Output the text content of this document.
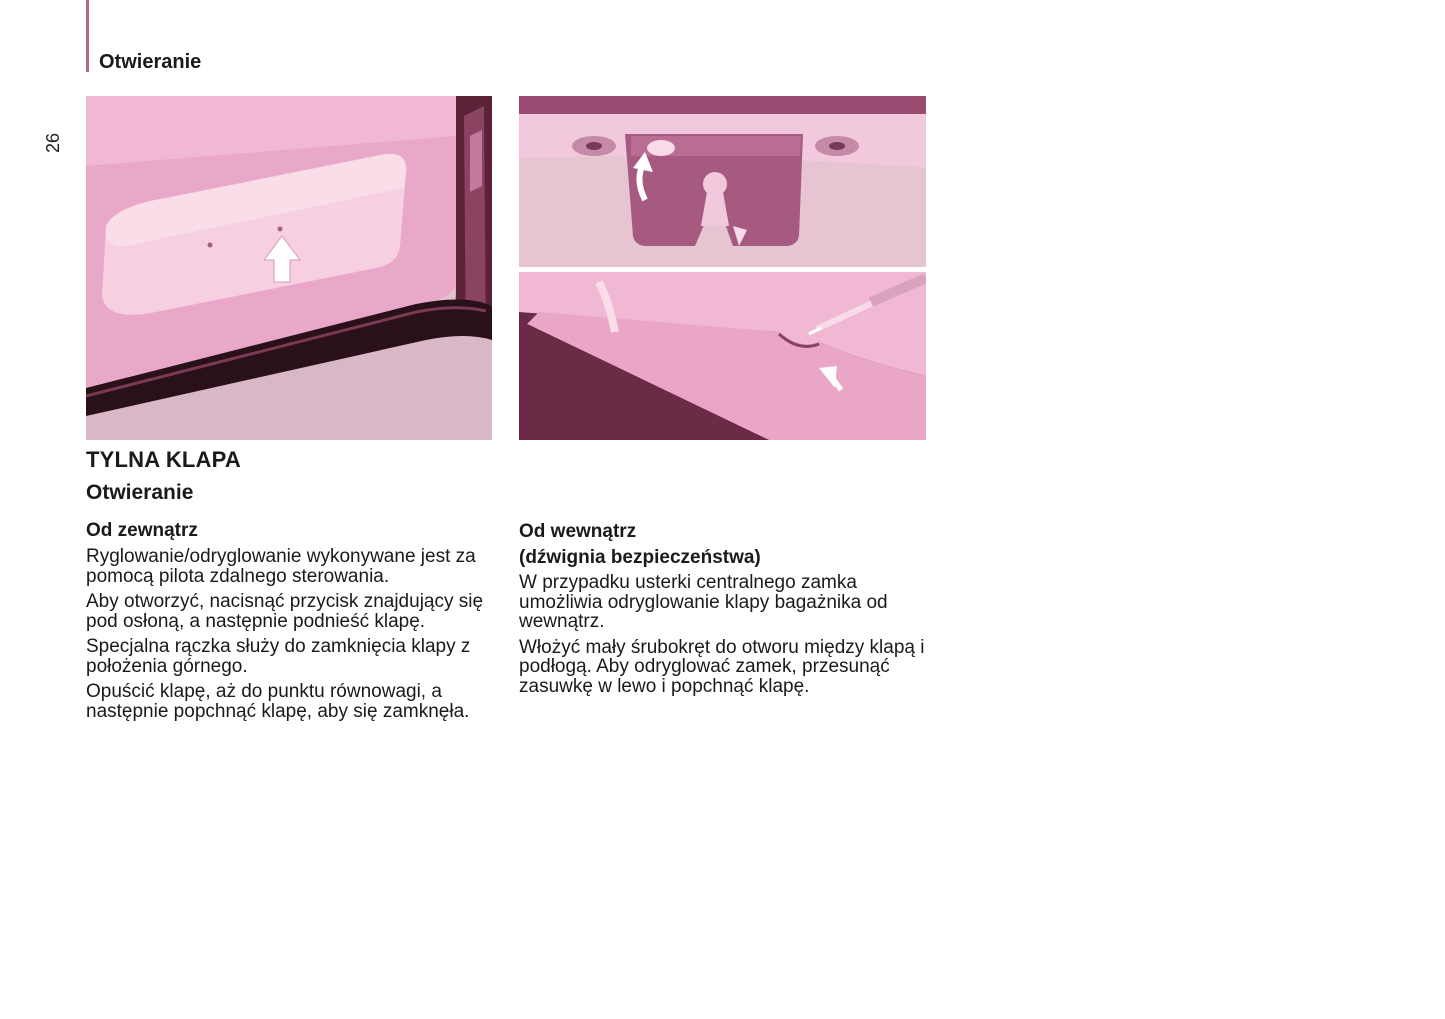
Otwieranie
26
TYLNA KLAPA
Otwieranie
Od zewnątrz

Ryglowanie/odryglowanie wykonywane jest za pomocą pilota zdalnego sterowania.

Aby otworzyć, nacisnąć przycisk znajdujący się pod osłoną, a następnie podnieść klapę.

Specjalna rączka służy do zamknięcia klapy z położenia górnego.

Opuścić klapę, aż do punktu równowagi, a następnie popchnąć klapę, aby się zamknęła.

Od wewnątrz
(dźwignia bezpieczeństwa)

W przypadku usterki centralnego zamka umożliwia odryglowanie klapy bagażnika od wewnątrz.

Włożyć mały śrubokręt do otworu między klapą i podłogą. Aby odryglować zamek, przesunąć zasuwkę w lewo i popchnąć klapę.
